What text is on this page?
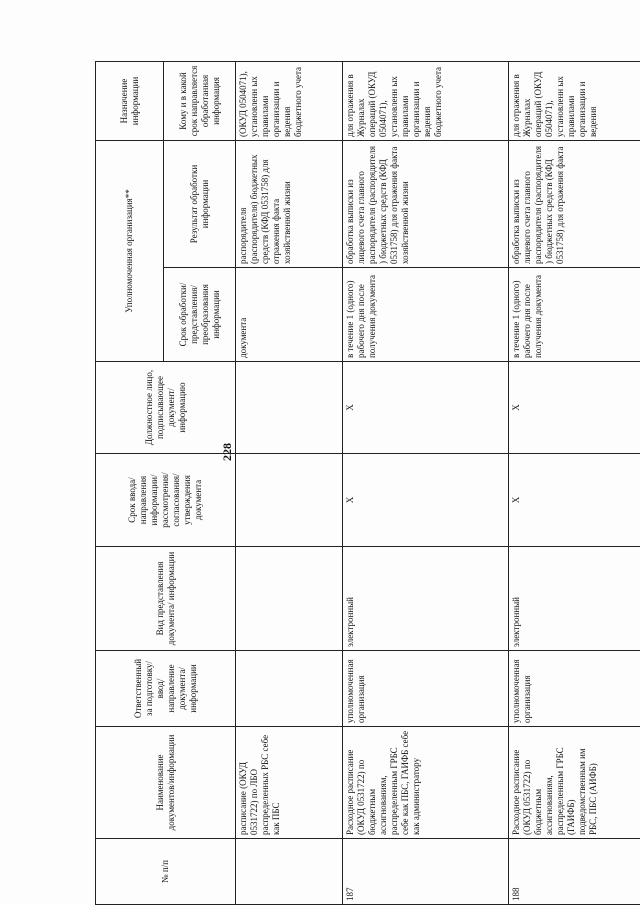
228
№ п/п	Наименование документов/информации	Ответственный за подготовку/ ввод/ направление документа/ информации	Вид представления документа/ информации	Срок ввода/ направления информации/ рассмотрения/ согласования/ утверждения документа	Должностное лицо, подписывающее документ/ информацию	Уполномоченная организация**		Назначение информации
						Срок обработки/ представления/ преобразования информации	Результат обработки информации	Кому и в какой срок направляется обработанная информация
	расписание (ОКУД 0531722) по ЛБО распределенных РБС себе как ПБС					документа	распорядителя (распорядителя) бюджетных средств (КФД 0531758) для отражения факта хозяйственной жизни	(ОКУД 0504071), установленн ых правилами организации и ведения бюджетного учета
187	Расходное расписание (ОКУД 0531722) по бюджетным ассигнованиям, распределенным ГРБС себе как ПБС, ГАИФБ себе как администратору	уполномоченная организация	электронный	X	X	в течение 1 (одного) рабочего дня после получения документа	обработка выписки из лицевого счета главного распорядителя (распорядителя ) бюджетных средств (КФД 0531758) для отражения факта хозяйственной жизни	для отражения в Журналах операций (ОКУД 0504071), установленн ых правилами организации и ведения бюджетного учета
188	Расходное расписание (ОКУД 0531722) по бюджетным ассигнованиям, распределенным ГРБС (ГАИФБ) подведомственным им РБС, ПБС (АИФБ)	уполномоченная организация	электронный	X	X	в течение 1 (одного) рабочего дня после получения документа	обработка выписки из лицевого счета главного распорядителя (распорядителя ) бюджетных средств (КФД 0531758) для отражения факта	для отражения в Журналах операций (ОКУД 0504071), установленн ых правилами организации и ведения
